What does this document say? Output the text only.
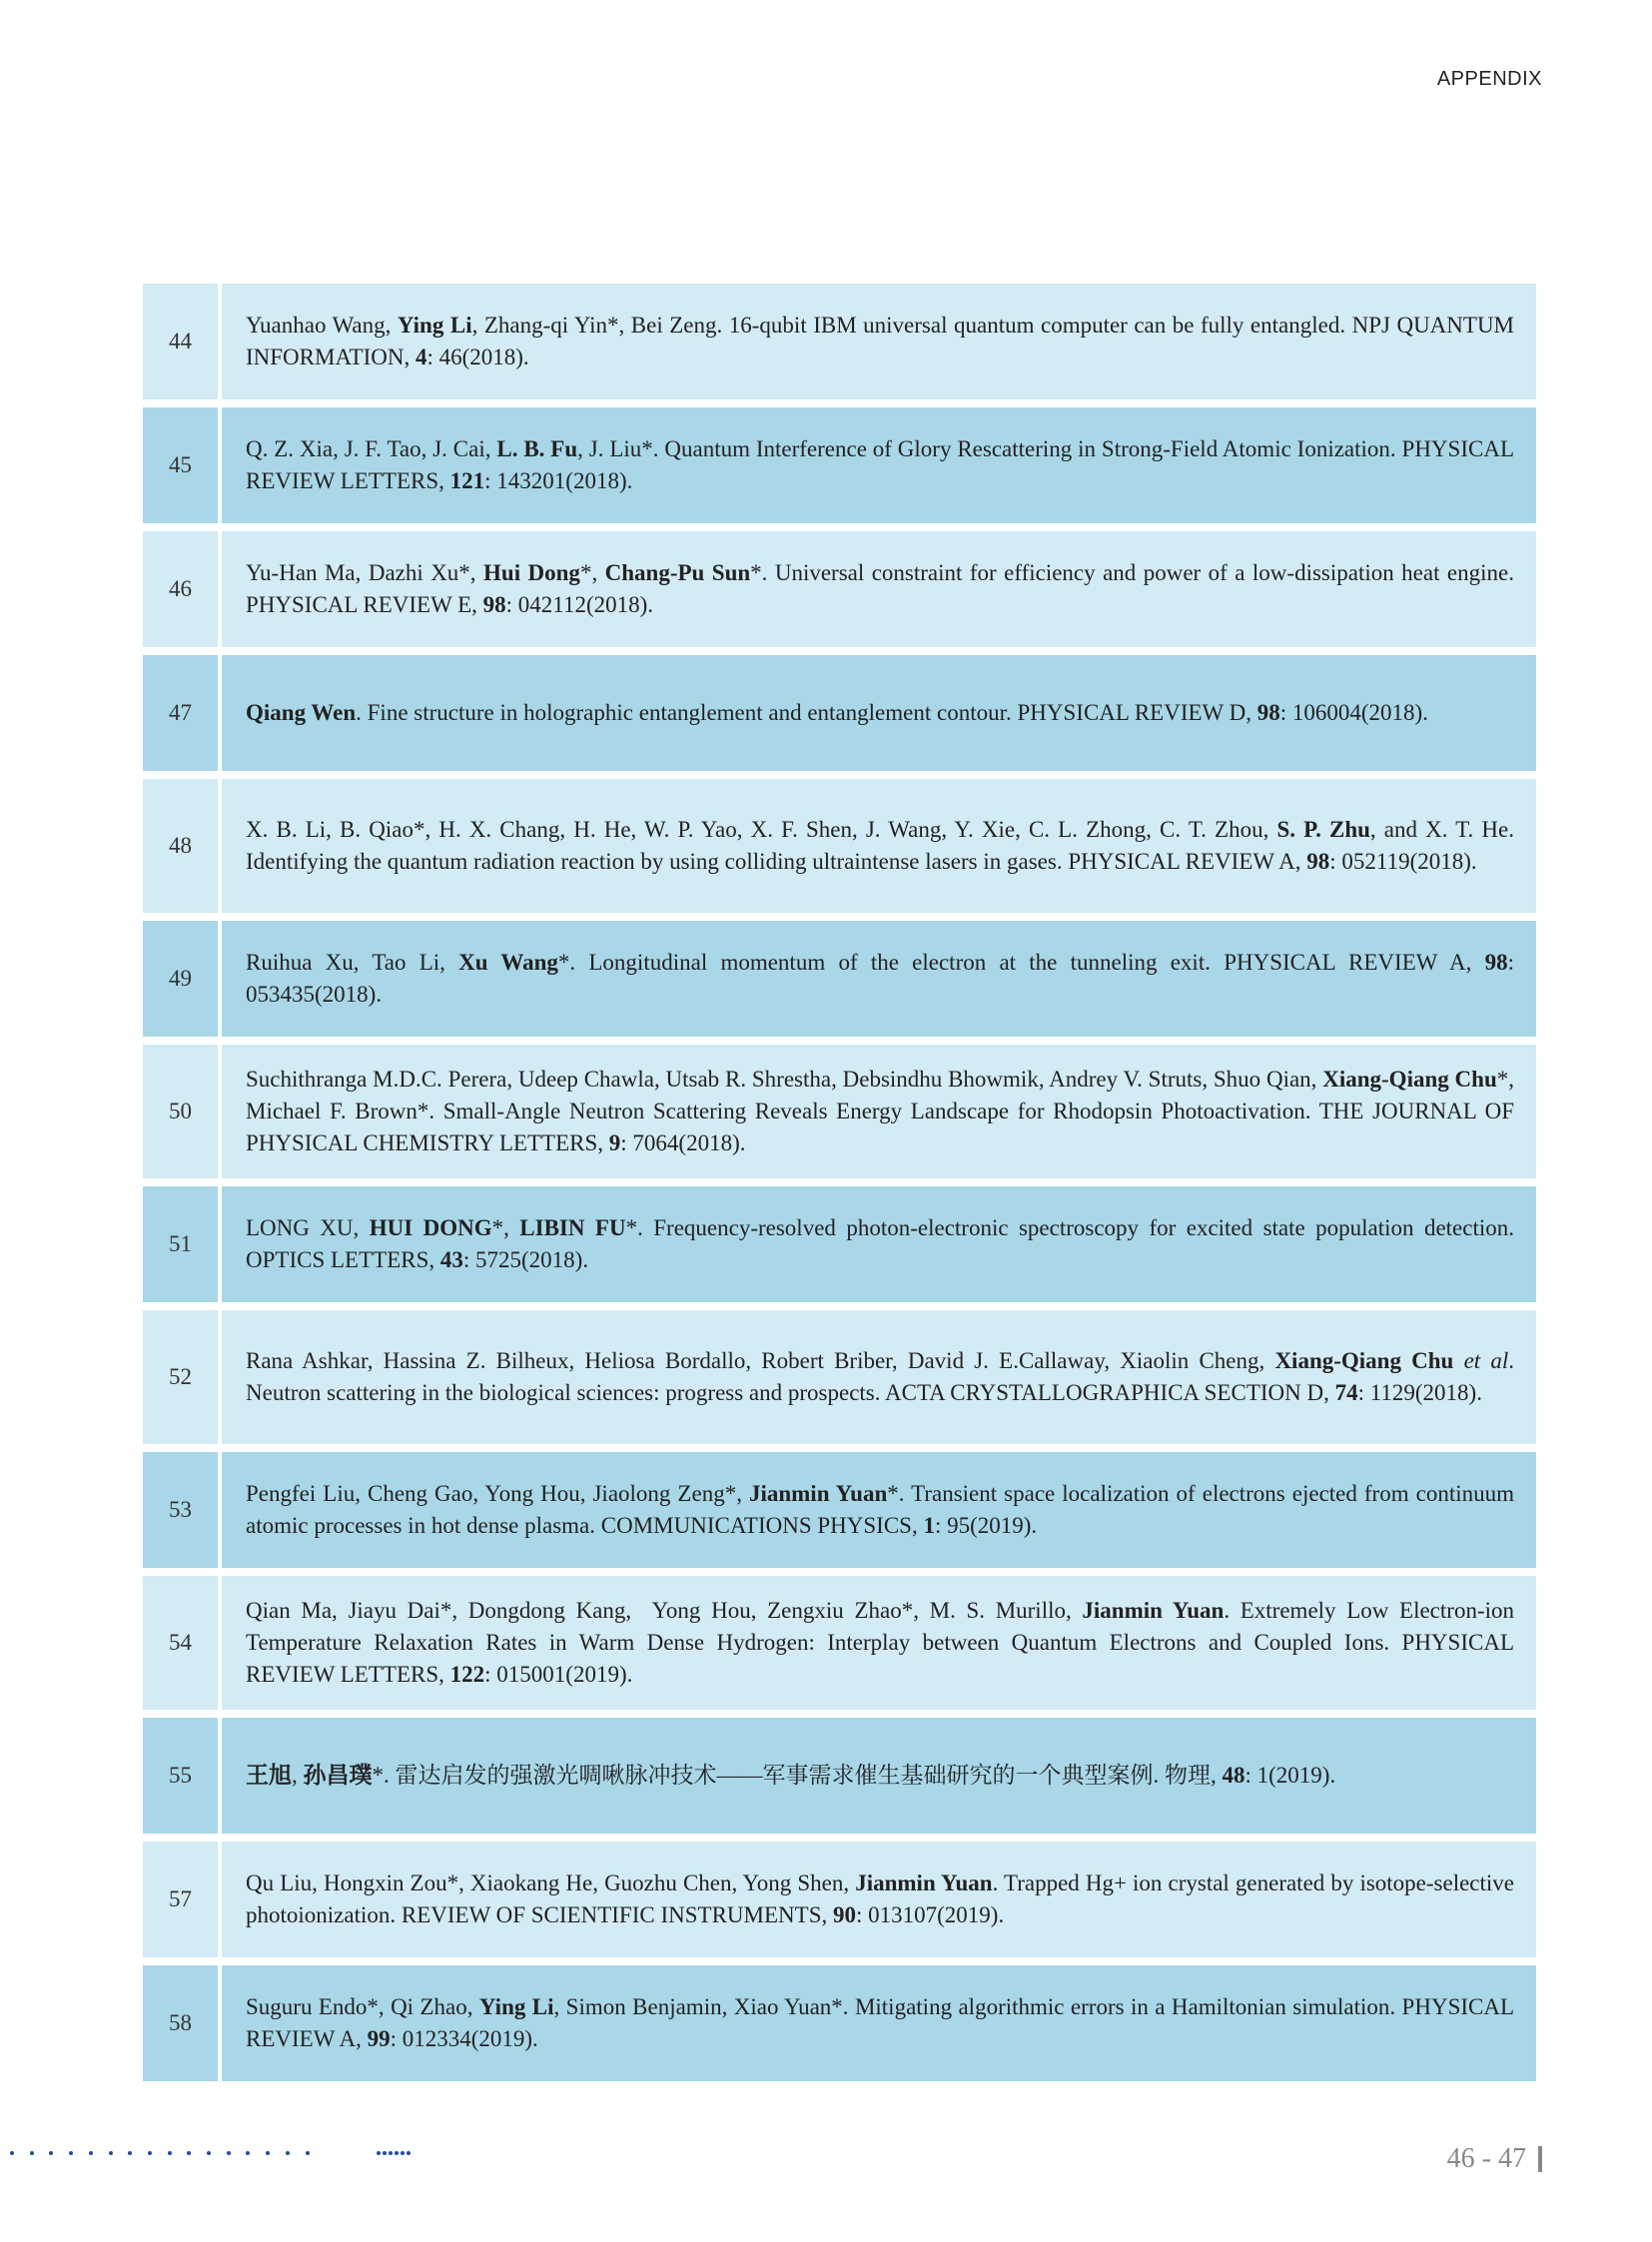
APPENDIX
44
Yuanhao Wang, Ying Li, Zhang-qi Yin*, Bei Zeng. 16-qubit IBM universal quantum computer can be fully entangled. NPJ QUANTUM INFORMATION, 4: 46(2018).
45
Q. Z. Xia, J. F. Tao, J. Cai, L. B. Fu, J. Liu*. Quantum Interference of Glory Rescattering in Strong-Field Atomic Ionization. PHYSICAL REVIEW LETTERS, 121: 143201(2018).
46
Yu-Han Ma, Dazhi Xu*, Hui Dong*, Chang-Pu Sun*. Universal constraint for efficiency and power of a low-dissipation heat engine. PHYSICAL REVIEW E, 98: 042112(2018).
47	Qiang Wen. Fine structure in holographic entanglement and entanglement contour. PHYSICAL REVIEW D, 98: 106004(2018).
48
X. B. Li, B. Qiao*, H. X. Chang, H. He, W. P. Yao, X. F. Shen, J. Wang, Y. Xie, C. L. Zhong, C. T. Zhou, S. P. Zhu, and X. T. He. Identifying the quantum radiation reaction by using colliding ultraintense lasers in gases. PHYSICAL REVIEW A, 98: 052119(2018).
49
Ruihua Xu, Tao Li, Xu Wang*. Longitudinal momentum of the electron at the tunneling exit. PHYSICAL REVIEW A, 98: 053435(2018).
50
Suchithranga M.D.C. Perera, Udeep Chawla, Utsab R. Shrestha, Debsindhu Bhowmik, Andrey V. Struts, Shuo Qian, Xiang-Qiang Chu*, Michael F. Brown*. Small-Angle Neutron Scattering Reveals Energy Landscape for Rhodopsin Photoactivation. THE JOURNAL OF PHYSICAL CHEMISTRY LETTERS, 9: 7064(2018).
51
LONG XU, HUI DONG*, LIBIN FU*. Frequency-resolved photon-electronic spectroscopy for excited state population detection. OPTICS LETTERS, 43: 5725(2018).
52
Rana Ashkar, Hassina Z. Bilheux, Heliosa Bordallo, Robert Briber, David J. E.Callaway, Xiaolin Cheng, Xiang-Qiang Chu et al. Neutron scattering in the biological sciences: progress and prospects. ACTA CRYSTALLOGRAPHICA SECTION D, 74: 1129(2018).
53
Pengfei Liu, Cheng Gao, Yong Hou, Jiaolong Zeng*, Jianmin Yuan*. Transient space localization of electrons ejected from continuum atomic processes in hot dense plasma. COMMUNICATIONS PHYSICS, 1: 95(2019).
54
Qian Ma, Jiayu Dai*, Dongdong Kang,  Yong Hou, Zengxiu Zhao*, M. S. Murillo, Jianmin Yuan. Extremely Low Electron-ion Temperature Relaxation Rates in Warm Dense Hydrogen: Interplay between Quantum Electrons and Coupled Ions. PHYSICAL REVIEW LETTERS, 122: 015001(2019).
55	王旭, 孙昌璞*. 雷达启发的强激光啁啾脉冲技术——军事需求催生基础研究的一个典型案例. 物理, 48: 1(2019).
57
Qu Liu, Hongxin Zou*, Xiaokang He, Guozhu Chen, Yong Shen, Jianmin Yuan. Trapped Hg+ ion crystal generated by isotope-selective photoionization. REVIEW OF SCIENTIFIC INSTRUMENTS, 90: 013107(2019).
58
Suguru Endo*, Qi Zhao, Ying Li, Simon Benjamin, Xiao Yuan*. Mitigating algorithmic errors in a Hamiltonian simulation. PHYSICAL REVIEW A, 99: 012334(2019).
46 - 47
